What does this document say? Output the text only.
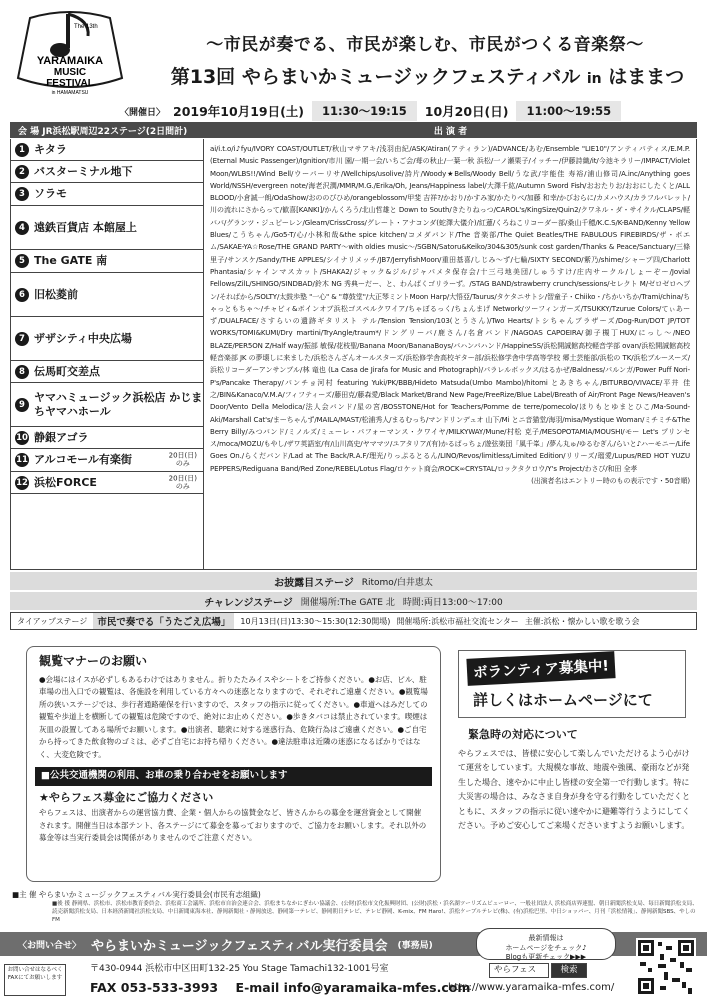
The 13th
YARAMAIKA
MUSIC
FESTIVAL
in HAMAMATSU
〜市民が奏でる、市民が楽しむ、市民がつくる音楽祭〜
第13回 やらまいかミュージックフェスティバル in はままつ
〈開催日〉 2019年10月19日(土)	11:30〜19:15	10月20日(日)	11:00〜19:55
会 場 JR浜松駅周辺22ステージ(2日間計)	出 演 者
1 キタラ
2 バスターミナル地下
3 ソラモ
4 遠鉄百貨店 本館屋上
5 The GATE 南
6 旧松菱前
7 ザザシティ中央広場
8 伝馬町交差点
9
ヤマハミュージック浜松店 かじまちヤマハホール
10 静銀アゴラ
11 アルコモール有楽街	20日(日)
のみ
12 浜松FORCE	20日(日)
のみ
ai/i.t.o/i♪fyu/IVORY COAST/OUTLET/秋山マサアキ/浅羽由紀/ASK/Atiran(アティラン)/ADVANCE/あむ/Ensemble "LIE10"/アンティパティス/E.M.P.(Eternal Music Passenger)/Ignition/市川 園/一期一会/いちご会/苺の秋止/一葉一秋 浜松/一ノ瀬栗子/イッチー/伊藤詩織/it/今池キラリー/IMPACT/Violet Moon/WLBS!!/Wind Bell/ウーパーリサ/Wellchips/usolive/詩片/Woody★Bells/Woody Bell/うな武/宇能佳 寿裕/浦山修司/A.inc/Anything goes World/NSSH/evergreen note/海老沢潤/MMR/M.G./Erika/Oh, Jeans/Happiness label/大澤千紘/Autumn Sword Fish/おおたりお/おおにしたくと/ALL BLOOD/小倉誠一朗/OdaShow/おののびひめ/orangeblossom/甲斐 吉祥?/かおり/かすみ家/かたりべ/加藤 和幸/かびおらに/カメハウス/カラフルバレット/川の流れにさからって/歓喜[KANKI]/かんくろう/北山哲雄と Down to South/きたりねっつ/CAROL's/KingSize/Quin2/クワネル・ダ・サイクル/CLAPS/軽ババ/グランツ・ジュピーレン/Gleam/CrissCross/グレート・アナコンダ(蛇澤大儀介)/紅蓮/くろねこリコーダー部/桑山千穂/K.C.S/K-BAND/Kenny Yellow Blues/こうちゃん/Go5-T/心/小林和哉&the spice kitchen/コメダバンド/The 音楽部/The Quiet Beatles/THE FABULOUS FIREBIRDS/ザ・ボエム/SAKAE-YA☆Rose/THE GRAND PARTY〜with oldies music〜/SGBN/Satoru&Keiko/304&305/sunk cost garden/Thanks & Peace/Sanctuary/三條 里子/サンスケ/Sandy/THE APPLES/シイナリメッチ/JB7/JerryfishMoon/重田基喜/しじみ〜ず/七輪/SIXTY SECOND/紫乃/shime/シャープ四/Charlott Phantasia/シャインマスカット/SHAKA2/ジャック&ジル/ジャパメタ保存会/十三弓地美団/しゅうすけ/庄内サークル/しょーぞー/Jovial Fellows/ZilL/SHINGO/SINDBAD/鈴木 NG 秀典ーだー、と、わんばくゴリラーず。/STAG BAND/strawberry crunch/sessions/セレクト M/ゼロゼロヘブン/そればから/SOLTY/太鼓歩塾 "一心" & "尊鼓堂"/大正琴ミントMoon Harp/大悟亞/Taurus/タケタニサトシ/智童子・Chiiko・/ちかいちか/Trami/china/ちゃっともちゃ〜/チャビィ&ボインオブ浜松ゴスペルクワイア/ちゃぼるっく/ちょんまげ Network/ツーフィンガーズ/TSUKKY/Tzurue Colors/てぃあーず/DUALFACE/さすらいの遺跡ギタリスト テル/Tension Tension/103(とうさん)/Two Hearts/トシちゃんブラザーズ/Dog-Run/DOT JP/TOT WORKS/TOMI&KUMI/Dry martini/TryAngle/traum*/ドングリーバ/鹿さん/名倉バンド/NAGOAS CAPOEIRA/御子槻丁HUX/にっし〜/NEO BLAZE/PER5ON Z/Half way/振部 敏保/花枝聖/Banana Moon/BananaBoys/バハンバハンド/HappineSS/浜松開誠館高校軽音学部 ovan/浜松開誠館高校軽音楽部 JK の夢壊しに来ました/浜松さんざんオールスターズ/浜松修学舎高校ギター部/浜松修学舎中学高等学校 郷土芸能部/浜松の TK/浜松ブルースーズ/浜松リコーダーアンサンブル/林 竜也 (La Casa de Jirafa for Music and Photograph)/パラレルボックス/はるかぜ/Baldness/パルンガ/Power Puff Nori-P's/Pancake Therapy/パンチョ河村 featuring Yuki/PK/BBB/Hideto Matsuda(Umbo Mambo)/hitomi とあきちゃん/BITURBO/VIVACE/平井 佳之/BIN&Kanaco/V.M.A/フィフティーズ/藤田克/藤森愛/Black Market/Brand New Page/FreeRize/Blue Label/Breath of Air/Front Page News/Heaven's Door/Vento Della Melodica/法人会バンド/星の宮/BOSSTONE/Hot for Teachers/Pomme de terre/pomecolo/ほりもとゆまとひこ/Ma-Sound-Aki/Marshall Cat's/まーちゃんず/MAILA/MAST/松浦秀人/まるむっち/マンドリンデュオ 山下/Mi とニ音猫堂/海羽/misa/Mystique Woman/ミチミチ&The Berry Billy/みつバンド/ミノルズ/ミューレ・パフォーマンス・クワイヤ/MILKYWAY/Mune/村松 克子/MESOPOTAMIA/MOUSHI/モー Let's プリンセス/moca/MOZU/もやし/ザワ英語室/有/山川高史/ヤママツ/ユアタリア/(有)かるばっちょ/遊弦楽団「風千峯」/夢ん丸ゅ/ゆるむぎん/らいと♪ハーモニー/Life Goes On./らくだバンド/Lad at The Back/R.A.F/理光/りっぷるとるん/LINO/Revos/limitless/Limited Edition/リリーズ/瑠愛/Lupus/RED HOT YUZU PEPPERS/Rediguana Band/Red Zone/REBEL/Lotus Flag/ロケット商会/ROCK∞CRYSTAL/ロックタクロウ/Y's Project/わさび/和田 全孝
(出演者名はエントリー時のもの表示です・50音順)
お披露目ステージ Ritomo/白井恵太
チャレンジステージ 開催場所:The GATE 北 時間:両日13:00〜17:00
タイアップステージ	市民で奏でる「うたごえ広場」	10月13日(日)13:30〜15:30(12:30開場) 開催場所:浜松市福社交流センター 主催:浜松・懐かしい歌を歌う会
観覧マナーのお願い

●会場にはイスが必ずしもあるわけではありません。折りたたみイスやシートをご持参ください。●お店、ビル、駐車場の出入口での観覧は、各施設を利用している方々への迷惑となりますので、それぞれご遠慮ください。●観覧場所の狭いステージでは、歩行者通路確保を行いますので、スタッフの指示に従ってください。●車道へはみだしての観覧や歩道上を横断しての観覧は危険ですので、絶対にお止めください。●歩きタバコは禁止されています。喫煙は灰皿の設置してある場所でお願いします。●出演者、聴衆に対する迷惑行為、危険行為はご遠慮ください。●ご自宅から持ってきた飲食物のゴミは、必ずご自宅にお持ち帰りください。●違法駐車は近隣の迷惑になるばかりではなく、大変危険です。

■公共交通機関の利用、お車の乗り合わせをお願いします
★やらフェス募金にご協力ください

やらフェスは、出演者からの運営協力費、企業・個人からの協賛金など、皆さんからの募金を運営資金として開催されます。開催当日は本部テント、各ステージにて募金を募っておりますので、ご協力をお願いします。それ以外の募金等は当実行委員会は関係がありませんのでご注意ください。

ボランティア募集中!
詳しくはホームページにて
緊急時の対応について

やらフェスでは、皆様に安心して楽しんでいただけるよう心がけて運営をしています。大規模な事故、地震や強風、豪雨などが発生した場合、速やかに中止し皆様の安全第一で行動します。特に大災害の場合は、みなさま自身が身を守る行動をしていただくとともに、スタッフの指示に従い速やかに避難等行うようにしてください。予めご安心してご来場くださいますようお願いします。

■主 催 やらまいかミュージックフェスティバル実行委員会(市民有志組織)
■後 援 静岡県、浜松市、浜松市教育委員会、浜松商工会議所、浜松市自治会連合会、浜松まちなかにぎわい協議会、(公財)浜松市文化振興財団、(公財)浜松・浜名湖ツーリズムビューロー、一般社団法人 浜松商店界連盟、朝日新聞浜松支局、毎日新聞浜松支局、読売新聞浜松支局、日本経済新聞社浜松支局、中日新聞東海本社、静岡新聞社・静岡放送、静岡第一テレビ、静岡朝日テレビ、テレビ静岡、K-mix、FM Haro!、浜松ケーブルテレビ(株)、(有)浜松巴里、中日ショッパー、月刊「浜松情報」、静岡新聞SBS、やしのFM
〈お問い合せ〉 やらまいかミュージックフェスティバル実行委員会 (事務局)
お問い合せはなるべくFAXにてお願いします
〒430-0944 浜松市中区田町132-25 You Stage Tamachi132-1001号室
FAX 053-533-3993 E-mail info@yaramaika-mfes.com
最新情報は
ホームページをチェック♪
Blogも更新チェック▶▶▶
やらフェス	検索
http://www.yaramaika-mfes.com/
